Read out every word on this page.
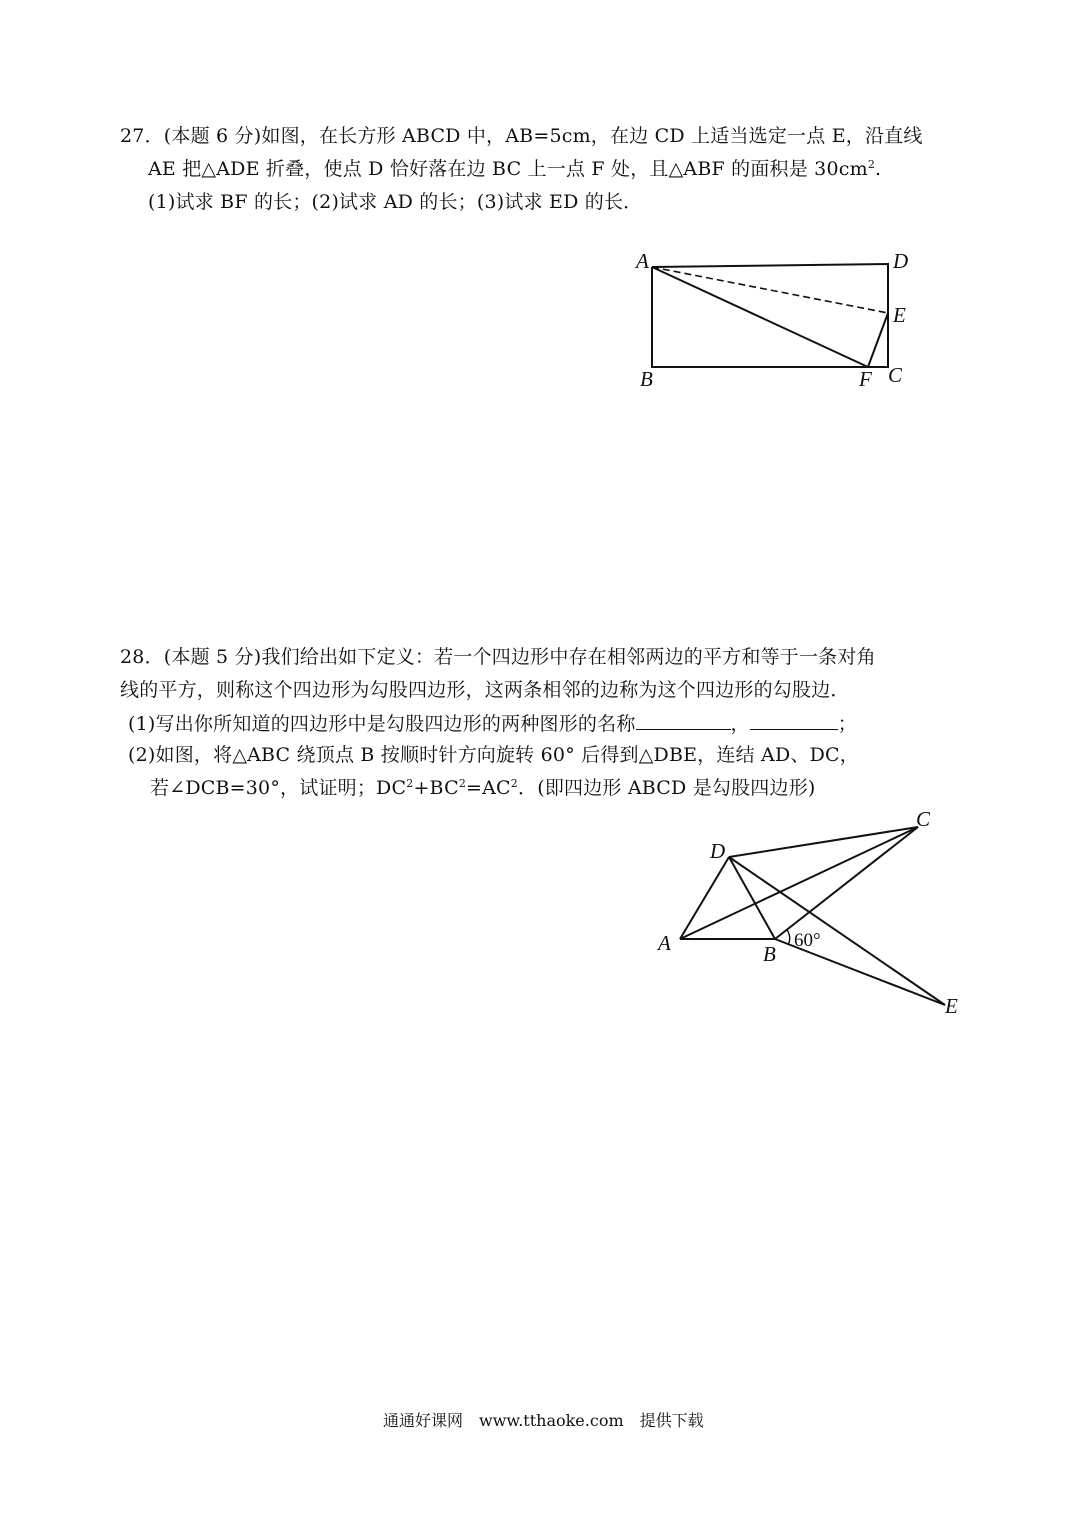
27．(本题 6 分)如图，在长方形 ABCD 中，AB=5cm，在边 CD 上适当选定一点 E，沿直线
AE 把△ADE 折叠，使点 D 恰好落在边 BC 上一点 F 处，且△ABF 的面积是 $30cm^2$.
(1)试求 BF 的长；(2)试求 AD 的长；(3)试求 ED 的长．
A	D
E
B	F C
28．(本题 5 分)我们给出如下定义：若一个四边形中存在相邻两边的平方和等于一条对角
线的平方，则称这个四边形为勾股四边形，这两条相邻的边称为这个四边形的勾股边．
(1)写出你所知道的四边形中是勾股四边形的两种图形的名称	，	；
(2)如图，将△ABC 绕顶点 B 按顺时针方向旋转 60° 后得到△DBE，连结 AD、DC，
若∠DCB=30°，试证明；$DC^2+BC^2=AC^2$．(即四边形 ABCD 是勾股四边形)
60°
D
C
A	B
E
通通好课网　www.tthaoke.com　提供下载
